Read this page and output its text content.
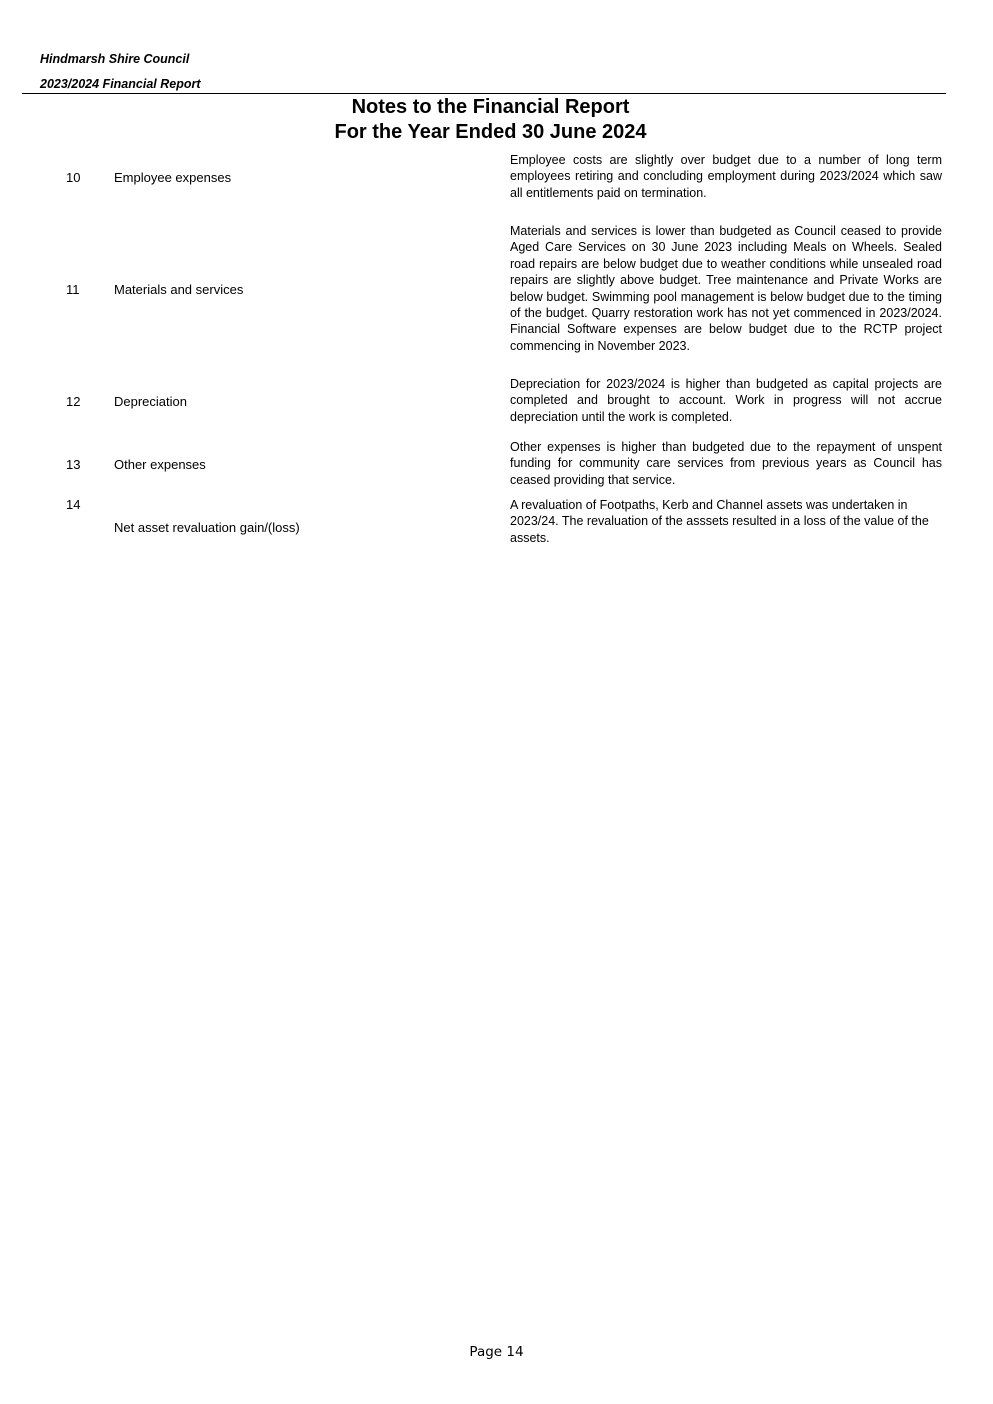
Hindmarsh Shire Council
2023/2024 Financial Report
Notes to the Financial Report
For the Year Ended 30 June 2024
10	Employee expenses
Employee costs are slightly over budget due to a number of long term employees retiring and concluding employment during 2023/2024 which saw all entitlements paid on termination.
11	Materials and services
Materials and services is lower than budgeted as Council ceased to provide Aged Care Services on 30 June 2023 including Meals on Wheels. Sealed road repairs are below budget due to weather conditions while unsealed road repairs are slightly above budget. Tree maintenance and Private Works are below budget. Swimming pool management is below budget due to the timing of the budget. Quarry restoration work has not yet commenced in 2023/2024. Financial Software expenses are below budget due to the RCTP project commencing in November 2023.
12	Depreciation
Depreciation for 2023/2024 is higher than budgeted as capital projects are completed and brought to account. Work in progress will not accrue depreciation until the work is completed.
13	Other expenses
Other expenses is higher than budgeted due to the repayment of unspent funding for community care services from previous years as Council has ceased providing that service.
14
Net asset revaluation gain/(loss)
A revaluation of Footpaths, Kerb and Channel assets was undertaken in 2023/24. The revaluation of the asssets resulted in a loss of the value of the assets.
Page 14
